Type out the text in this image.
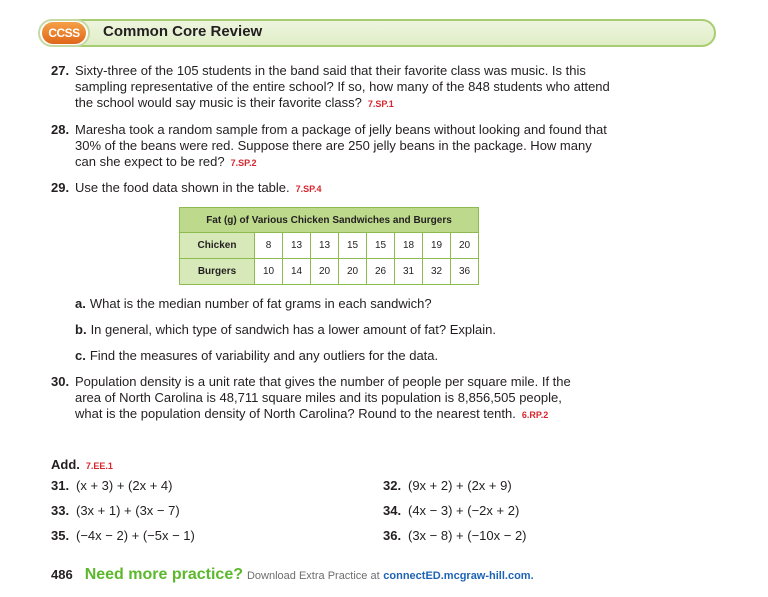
CCSS	Common Core Review
27. Sixty-three of the 105 students in the band said that their favorite class was music. Is this sampling representative of the entire school? If so, how many of the 848 students who attend the school would say music is their favorite class? 7.SP.1
28. Maresha took a random sample from a package of jelly beans without looking and found that 30% of the beans were red. Suppose there are 250 jelly beans in the package. How many can she expect to be red? 7.SP.2
29. Use the food data shown in the table. 7.SP.4
Fat (g) of Various Chicken Sandwiches and Burgers								
Chicken	8	13	13	15	15	18	19	20
Burgers	10	14	20	20	26	31	32	36
a. What is the median number of fat grams in each sandwich?
b. In general, which type of sandwich has a lower amount of fat? Explain.
c. Find the measures of variability and any outliers for the data.
30. Population density is a unit rate that gives the number of people per square mile. If the area of North Carolina is 48,711 square miles and its population is 8,856,505 people, what is the population density of North Carolina? Round to the nearest tenth. 6.RP.2
Add. 7.EE.1
31. (x + 3) + (2x + 4)	32. (9x + 2) + (2x + 9)
33. (3x + 1) + (3x − 7)	34. (4x − 3) + (−2x + 2)
35. (−4x − 2) + (−5x − 1)	36. (3x − 8) + (−10x − 2)
486 Need more practice? Download Extra Practice at connectED.mcgraw-hill.com.
